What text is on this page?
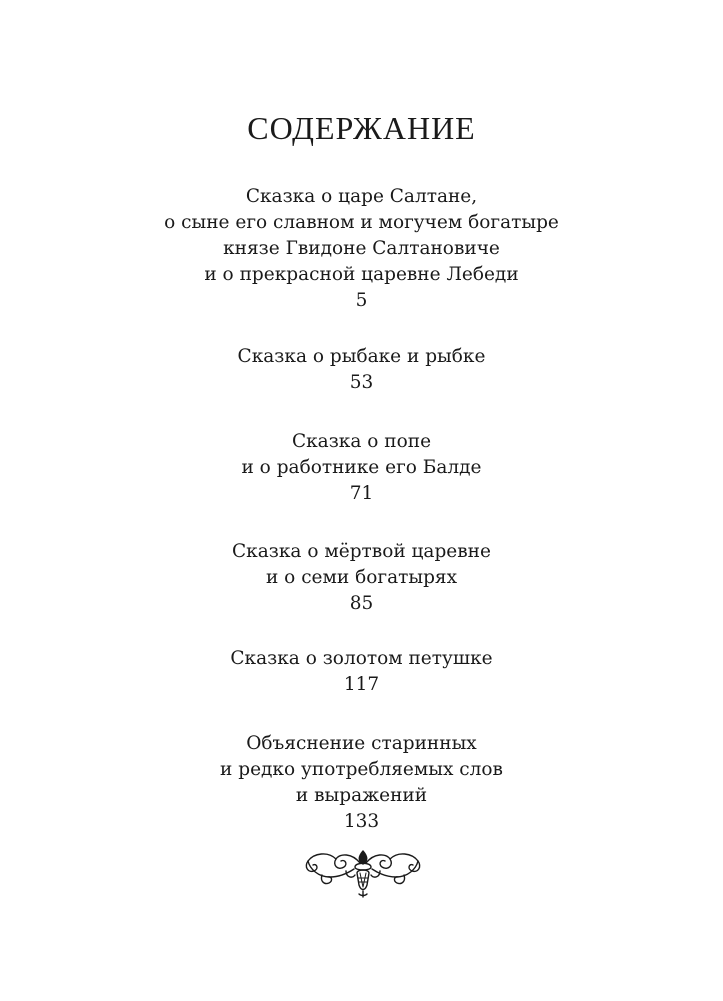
СОДЕРЖАНИЕ
Сказка о царе Салтане,
о сыне его славном и могучем богатыре
князе Гвидоне Салтановиче
и о прекрасной царевне Лебеди
5
Сказка о рыбаке и рыбке
53
Сказка о попе
и о работнике его Балде
71
Сказка о мёртвой царевне
и о семи богатырях
85
Сказка о золотом петушке
117
Объяснение старинных
и редко употребляемых слов
и выражений
133
